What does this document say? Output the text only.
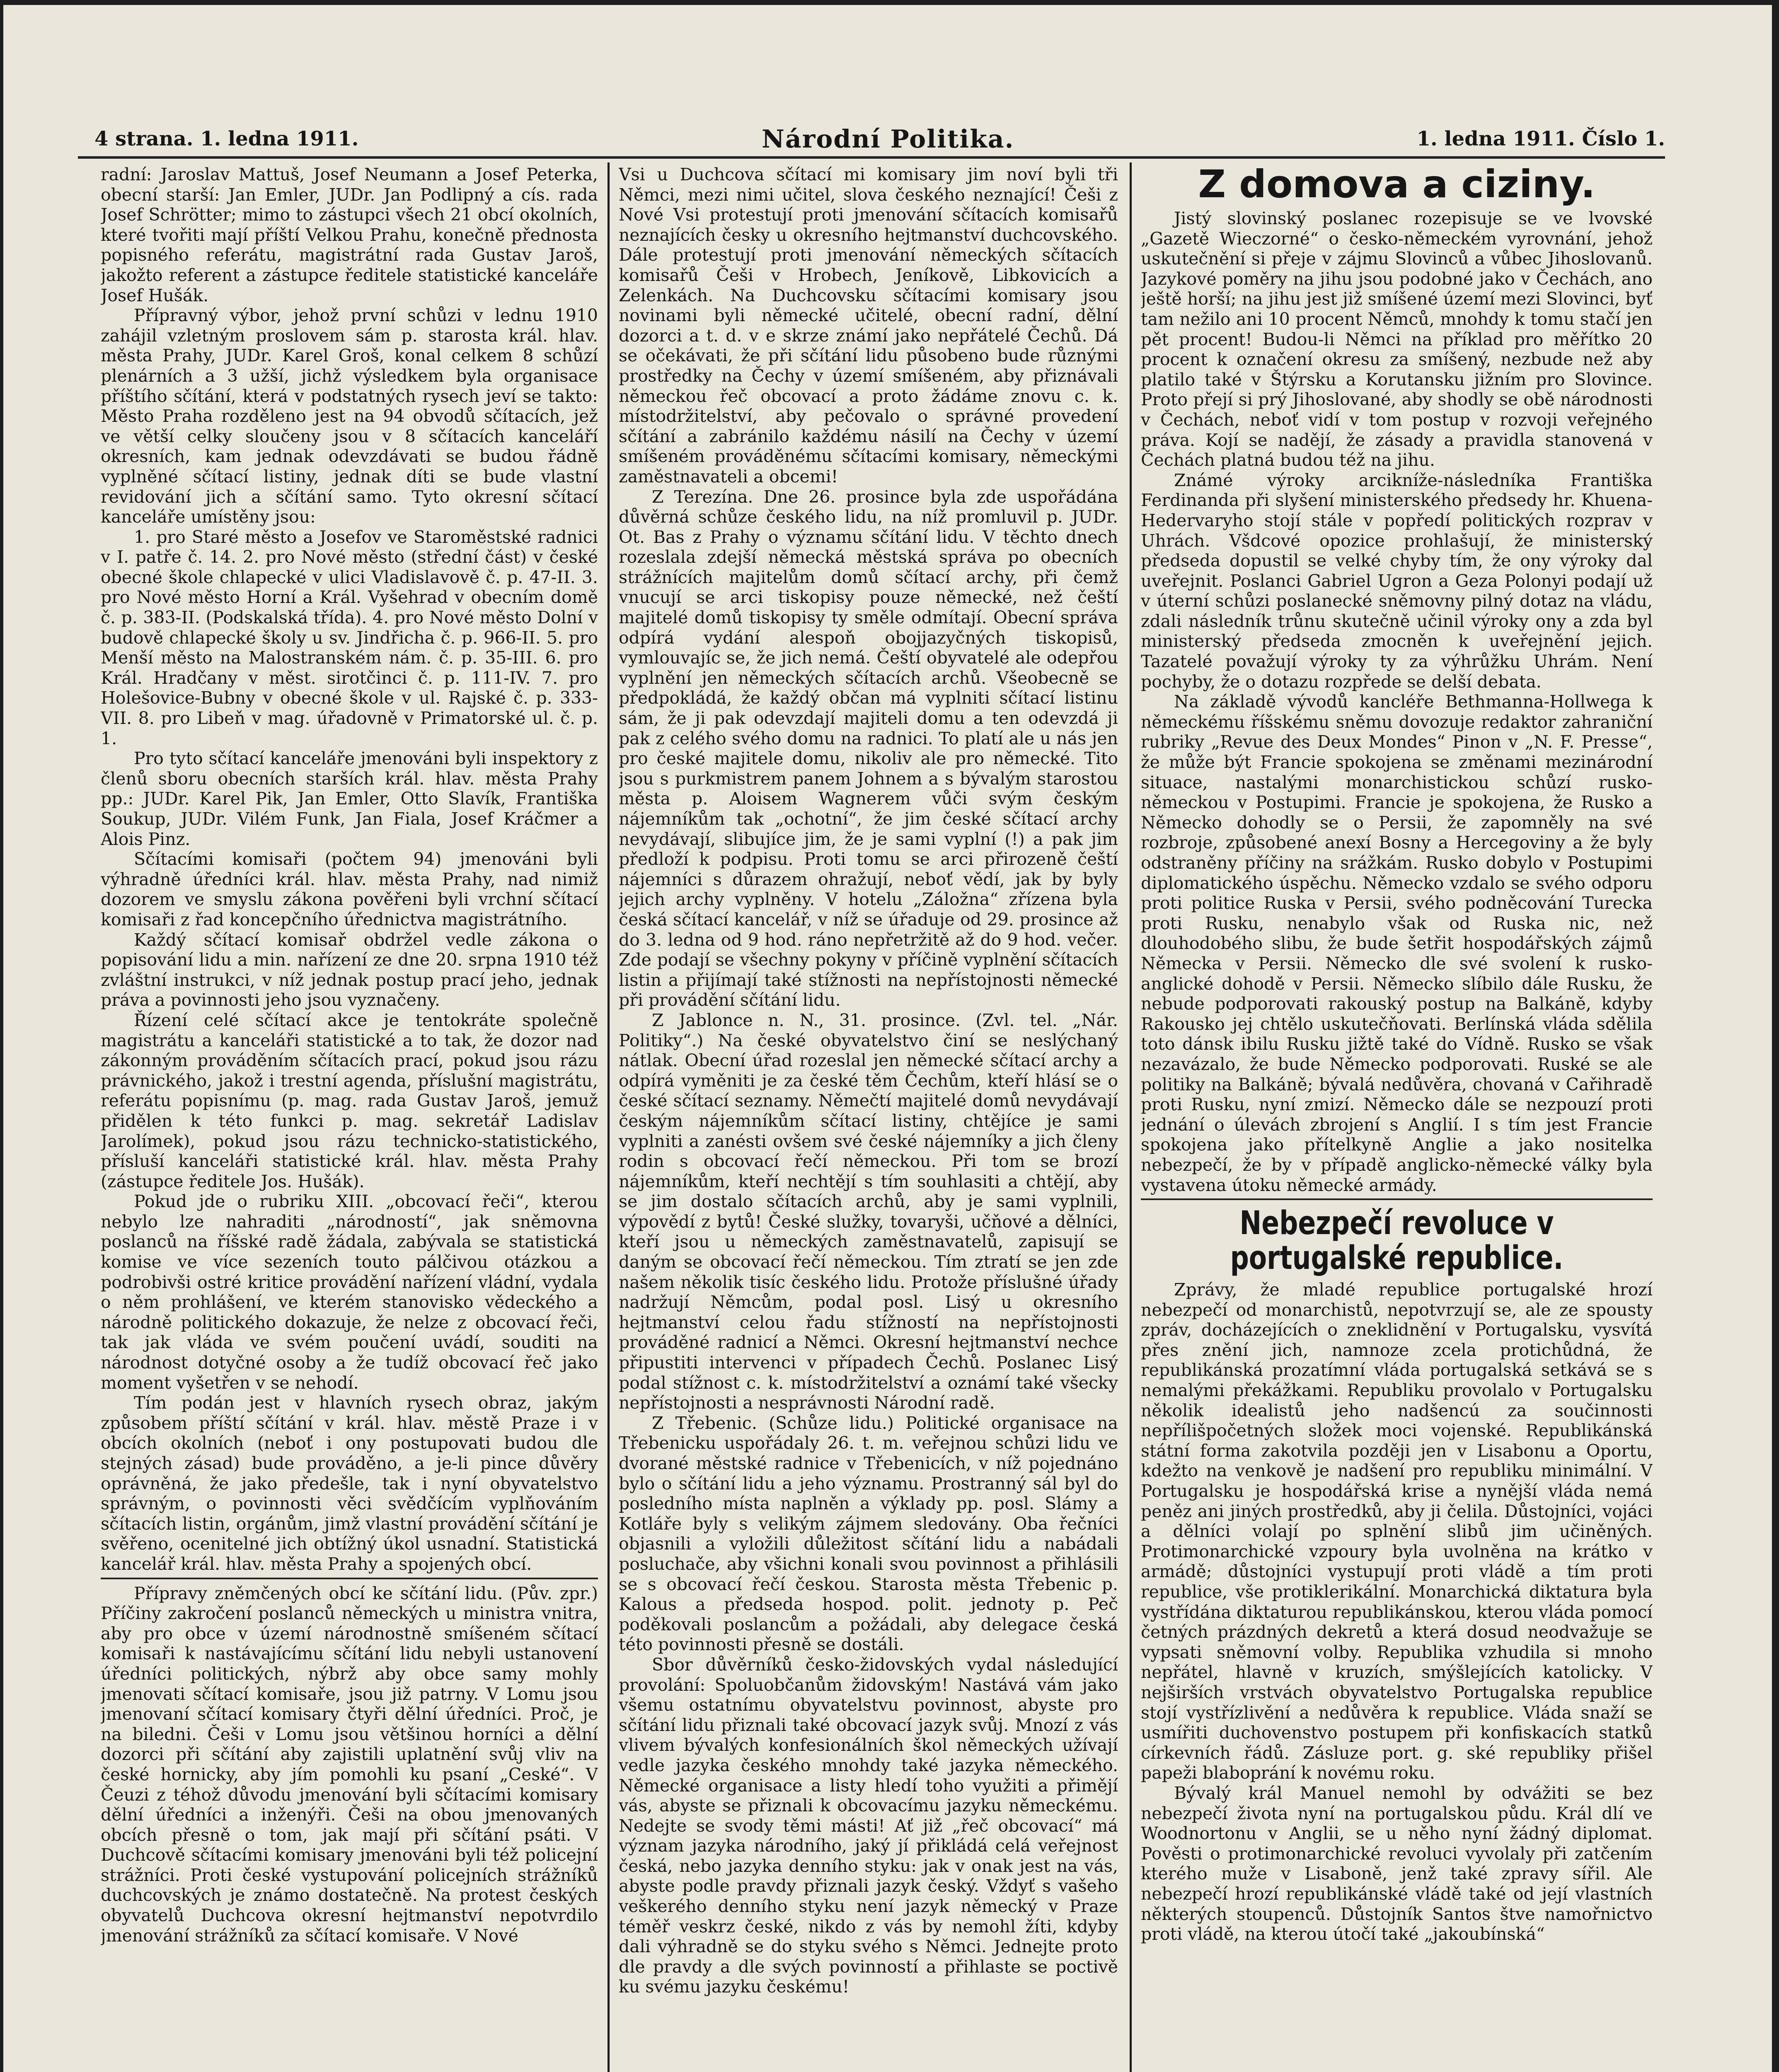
4 strana. 1. ledna 1911.	Národní Politika.	1. ledna 1911. Číslo 1.

radní: Jaroslav Mattuš, Josef Neumann a Josef Peterka, obecní starší: Jan Emler, JUDr. Jan Podlipný a cís. rada Josef Schrötter; mimo to zástupci všech 21 obcí okolních, které tvořiti mají příští Velkou Prahu, konečně přednosta popisného referátu, magistrátní rada Gustav Jaroš, jakožto referent a zástupce ředitele statistické kanceláře Josef Hušák.

Přípravný výbor, jehož první schůzi v lednu 1910 zahájil vzletným proslovem sám p. starosta král. hlav. města Prahy, JUDr. Karel Groš, konal celkem 8 schůzí plenárních a 3 užší, jichž výsledkem byla organisace příštího sčítání, která v podstatných rysech jeví se takto: Město Praha rozděleno jest na 94 obvodů sčítacích, jež ve větší celky sloučeny jsou v 8 sčítacích kanceláří okresních, kam jednak odevzdávati se budou řádně vyplněné sčítací listiny, jednak díti se bude vlastní revidování jich a sčítání samo. Tyto okresní sčítací kanceláře umístěny jsou:

1. pro Staré město a Josefov ve Staroměstské radnici v I. patře č. 14. 2. pro Nové město (střední část) v české obecné škole chlapecké v ulici Vladislavově č. p. 47-II. 3. pro Nové město Horní a Král. Vyšehrad v obecním domě č. p. 383-II. (Podskalská třída). 4. pro Nové město Dolní v budově chlapecké školy u sv. Jindřicha č. p. 966-II. 5. pro Menší město na Malostranském nám. č. p. 35-III. 6. pro Král. Hradčany v měst. sirotčinci č. p. 111-IV. 7. pro Holešovice-Bubny v obecné škole v ul. Rajské č. p. 333-VII. 8. pro Libeň v mag. úřadovně v Primatorské ul. č. p. 1.

Pro tyto sčítací kanceláře jmenováni byli inspektory z členů sboru obecních starších král. hlav. města Prahy pp.: JUDr. Karel Pik, Jan Emler, Otto Slavík, Františka Soukup, JUDr. Vilém Funk, Jan Fiala, Josef Kráčmer a Alois Pinz.

Sčítacími komisaři (počtem 94) jmenováni byli výhradně úředníci král. hlav. města Prahy, nad nimiž dozorem ve smyslu zákona pověřeni byli vrchní sčítací komisaři z řad koncepčního úřednictva magistrátního.

Každý sčítací komisař obdržel vedle zákona o popisování lidu a min. nařízení ze dne 20. srpna 1910 též zvláštní instrukci, v níž jednak postup prací jeho, jednak práva a povinnosti jeho jsou vyznačeny.

Řízení celé sčítací akce je tentokráte společně magistrátu a kanceláři statistické a to tak, že dozor nad zákonným prováděním sčítacích prací, pokud jsou rázu právnického, jakož i trestní agenda, příslušní magistrátu, referátu popisnímu (p. mag. rada Gustav Jaroš, jemuž přidělen k této funkci p. mag. sekretář Ladislav Jarolímek), pokud jsou rázu technicko-statistického, přísluší kanceláři statistické král. hlav. města Prahy (zástupce ředitele Jos. Hušák).

Pokud jde o rubriku XIII. „obcovací řeči“, kterou nebylo lze nahraditi „národností“, jak sněmovna poslanců na říšské radě žádala, zabývala se statistická komise ve více sezeních touto pálčivou otázkou a podrobivši ostré kritice provádění nařízení vládní, vydala o něm prohlášení, ve kterém stanovisko vědeckého a národně politického dokazuje, že nelze z obcovací řeči, tak jak vláda ve svém poučení uvádí, souditi na národnost dotyčné osoby a že tudíž obcovací řeč jako moment vyšetřen v se nehodí.

Tím podán jest v hlavních rysech obraz, jakým způsobem příští sčítání v král. hlav. městě Praze i v obcích okolních (neboť i ony postupovati budou dle stejných zásad) bude prováděno, a je-li pince důvěry oprávněná, že jako předešle, tak i nyní obyvatelstvo správným, o povinnosti věci svědčícím vyplňováním sčítacích listin, orgánům, jimž vlastní provádění sčítání je svěřeno, ocenitelné jich obtížný úkol usnadní. Statistická kancelář král. hlav. města Prahy a spojených obcí.

Přípravy zněmčených obcí ke sčítání lidu. (Pův. zpr.) Příčiny zakročení poslanců německých u ministra vnitra, aby pro obce v území národnostně smíšeném sčítací komisaři k nastávajícímu sčítání lidu nebyli ustanovení úředníci politických, nýbrž aby obce samy mohly jmenovati sčítací komisaře, jsou již patrny. V Lomu jsou jmenovaní sčítací komisary čtyři dělní úředníci. Proč, je na biledni. Češi v Lomu jsou většinou horníci a dělní dozorci při sčítání aby zajistili uplatnění svůj vliv na české hornicky, aby jím pomohli ku psaní „Ceské“. V Čeuzi z téhož důvodu jmenování byli sčítacími komisary dělní úředníci a inženýři. Češi na obou jmenovaných obcích přesně o tom, jak mají při sčítání psáti. V Duchcově sčítacími komisary jmenováni byli též policejní strážníci. Proti české vystupování policejních strážníků duchcovských je známo dostatečně. Na protest českých obyvatelů Duchcova okresní hejtmanství nepotvrdilo jmenování strážníků za sčítací komisaře. V Nové

Vsi u Duchcova sčítací mi komisary jim noví byli tři Němci, mezi nimi učitel, slova českého neznající! Češi z Nové Vsi protestují proti jmenování sčítacích komisařů neznajících česky u okresního hejtmanství duchcovského. Dále protestují proti jmenování německých sčítacích komisařů Češi v Hrobech, Jeníkově, Libkovicích a Zelenkách. Na Duchcovsku sčítacími komisary jsou novinami byli německé učitelé, obecní radní, dělní dozorci a t. d. v e skrze známí jako nepřátelé Čechů. Dá se očekávati, že při sčítání lidu působeno bude různými prostředky na Čechy v území smíšeném, aby přiznávali německou řeč obcovací a proto žádáme znovu c. k. místodržitelství, aby pečovalo o správné provedení sčítání a zabránilo každému násilí na Čechy v území smíšeném prováděnému sčítacími komisary, německými zaměstnavateli a obcemi!

Z Terezína. Dne 26. prosince byla zde uspořádána důvěrná schůze českého lidu, na níž promluvil p. JUDr. Ot. Bas z Prahy o významu sčítání lidu. V těchto dnech rozeslala zdejší německá městská správa po obecních strážnících majitelům domů sčítací archy, při čemž vnucují se arci tiskopisy pouze německé, než čeští majitelé domů tiskopisy ty směle odmítají. Obecní správa odpírá vydání alespoň obojjazyčných tiskopisů, vymlouvajíc se, že jich nemá. Čeští obyvatelé ale odepřou vyplnění jen německých sčítacích archů. Všeobecně se předpokládá, že každý občan má vyplniti sčítací listinu sám, že ji pak odevzdají majiteli domu a ten odevzdá ji pak z celého svého domu na radnici. To platí ale u nás jen pro české majitele domu, nikoliv ale pro německé. Tito jsou s purkmistrem panem Johnem a s bývalým starostou města p. Aloisem Wagnerem vůči svým českým nájemníkům tak „ochotní“, že jim české sčítací archy nevydávají, slibujíce jim, že je sami vyplní (!) a pak jim předloží k podpisu. Proti tomu se arci přirozeně čeští nájemníci s důrazem ohražují, neboť vědí, jak by byly jejich archy vyplněny. V hotelu „Záložna“ zřízena byla česká sčítací kancelář, v níž se úřaduje od 29. prosince až do 3. ledna od 9 hod. ráno nepřetržitě až do 9 hod. večer. Zde podají se všechny pokyny v příčině vyplnění sčítacích listin a přijímají také stížnosti na nepřístojnosti německé při provádění sčítání lidu.

Z Jablonce n. N., 31. prosince. (Zvl. tel. „Nár. Politiky“.) Na české obyvatelstvo činí se neslýchaný nátlak. Obecní úřad rozeslal jen německé sčítací archy a odpírá vyměniti je za české těm Čechům, kteří hlásí se o české sčítací seznamy. Němečtí majitelé domů nevydávají českým nájemníkům sčítací listiny, chtějíce je sami vyplniti a zanésti ovšem své české nájemníky a jich členy rodin s obcovací řečí německou. Při tom se brozí nájemníkům, kteří nechtějí s tím souhlasiti a chtějí, aby se jim dostalo sčítacích archů, aby je sami vyplnili, výpovědí z bytů! České služky, tovaryši, učňové a dělníci, kteří jsou u německých zaměstnavatelů, zapisují se daným se obcovací řečí německou. Tím ztratí se jen zde našem několik tisíc českého lidu. Protože příslušné úřady nadržují Němcům, podal posl. Lisý u okresního hejtmanství celou řadu stížností na nepřístojnosti prováděné radnicí a Němci. Okresní hejtmanství nechce připustiti intervenci v případech Čechů. Poslanec Lisý podal stížnost c. k. místodržitelství a oznámí také všecky nepřístojnosti a nesprávnosti Národní radě.

Z Třebenic. (Schůze lidu.) Politické organisace na Třebenicku uspořádaly 26. t. m. veřejnou schůzi lidu ve dvorané městské radnice v Třebenicích, v níž pojednáno bylo o sčítání lidu a jeho významu. Prostranný sál byl do posledního místa naplněn a výklady pp. posl. Slámy a Kotláře byly s velikým zájmem sledovány. Oba řečníci objasnili a vyložili důležitost sčítání lidu a nabádali posluchače, aby všichni konali svou povinnost a přihlásili se s obcovací řečí českou. Starosta města Třebenic p. Kalous a předseda hospod. polit. jednoty p. Peč poděkovali poslancům a požádali, aby delegace česká této povinnosti přesně se dostáli.

Sbor důvěrníků česko-židovských vydal následující provolání: Spoluobčanům židovským! Nastává vám jako všemu ostatnímu obyvatelstvu povinnost, abyste pro sčítání lidu přiznali také obcovací jazyk svůj. Mnozí z vás vlivem bývalých konfesionálních škol německých užívají vedle jazyka českého mnohdy také jazyka německého. Německé organisace a listy hledí toho využiti a přimějí vás, abyste se přiznali k obcovacímu jazyku německému. Nedejte se svody těmi másti! Ať již „řeč obcovací“ má význam jazyka národního, jaký jí přikládá celá veřejnost česká, nebo jazyka denního styku: jak v onak jest na vás, abyste podle pravdy přiznali jazyk český. Vždyť s vašeho veškerého denního styku není jazyk německý v Praze téměř veskrz české, nikdo z vás by nemohl žíti, kdyby dali výhradně se do styku svého s Němci. Jednejte proto dle pravdy a dle svých povinností a přihlaste se poctivě ku svému jazyku českému!

Z domova a ciziny.

Jistý slovinský poslanec rozepisuje se ve lvovské „Gazetě Wieczorné“ o česko-německém vyrovnání, jehož uskutečnění si přeje v zájmu Slovinců a vůbec Jihoslovanů. Jazykové poměry na jihu jsou podobné jako v Čechách, ano ještě horší; na jihu jest již smíšené území mezi Slovinci, byť tam nežilo ani 10 procent Němců, mnohdy k tomu stačí jen pět procent! Budou-li Němci na příklad pro měřítko 20 procent k označení okresu za smíšený, nezbude než aby platilo také v Štýrsku a Korutansku jižním pro Slovince. Proto přejí si prý Jihoslované, aby shodly se obě národnosti v Čechách, neboť vidí v tom postup v rozvoji veřejného práva. Kojí se nadějí, že zásady a pravidla stanovená v Čechách platná budou též na jihu.

Známé výroky arcikníže-následníka Františka Ferdinanda při slyšení ministerského předsedy hr. Khuena-Hedervaryho stojí stále v popředí politických rozprav v Uhrách. Všdcové opozice prohlašují, že ministerský předseda dopustil se velké chyby tím, že ony výroky dal uveřejnit. Poslanci Gabriel Ugron a Geza Polonyi podají už v úterní schůzi poslanecké sněmovny pilný dotaz na vládu, zdali následník trůnu skutečně učinil výroky ony a zda byl ministerský předseda zmocněn k uveřejnění jejich. Tazatelé považují výroky ty za výhrůžku Uhrám. Není pochyby, že o dotazu rozpřede se delší debata.

Na základě vývodů kancléře Bethmanna-Hollwega k německému říšskému sněmu dovozuje redaktor zahraniční rubriky „Revue des Deux Mondes“ Pinon v „N. F. Presse“, že může být Francie spokojena se změnami mezinárodní situace, nastalými monarchistickou schůzí rusko-německou v Postupimi. Francie je spokojena, že Rusko a Německo dohodly se o Persii, že zapomněly na své rozbroje, způsobené anexí Bosny a Hercegoviny a že byly odstraněny příčiny na srážkám. Rusko dobylo v Postupimi diplomatického úspěchu. Německo vzdalo se svého odporu proti politice Ruska v Persii, svého podněcování Turecka proti Rusku, nenabylo však od Ruska nic, než dlouhodobého slibu, že bude šetřit hospodářských zájmů Německa v Persii. Německo dle své svolení k rusko-anglické dohodě v Persii. Německo slíbilo dále Rusku, že nebude podporovati rakouský postup na Balkáně, kdyby Rakousko jej chtělo uskutečňovati. Berlínská vláda sdělila toto dánsk ibilu Rusku jižtě také do Vídně. Rusko se však nezavázalo, že bude Německo podporovati. Ruské se ale politiky na Balkáně; bývalá nedůvěra, chovaná v Cařihradě proti Rusku, nyní zmizí. Německo dále se nezpouzí proti jednání o úlevách zbrojení s Anglií. I s tím jest Francie spokojena jako přítelkyně Anglie a jako nositelka nebezpečí, že by v případě anglicko-německé války byla vystavena útoku německé armády.

Nebezpečí revoluce v portugalské republice.

Zprávy, že mladé republice portugalské hrozí nebezpečí od monarchistů, nepotvrzují se, ale ze spousty zpráv, docházejících o zneklidnění v Portugalsku, vysvítá přes znění jich, namnoze zcela protichůdná, že republikánská prozatímní vláda portugalská setkává se s nemalými překážkami. Republiku provolalo v Portugalsku několik idealistů jeho nadšencú za součinnosti nepřílišpočetných složek moci vojenské. Republikánská státní forma zakotvila později jen v Lisabonu a Oportu, kdežto na venkově je nadšení pro republiku minimální. V Portugalsku je hospodářská krise a nynější vláda nemá peněz ani jiných prostředků, aby ji čelila. Důstojníci, vojáci a dělníci volají po splnění slibů jim učiněných. Protimonarchické vzpoury byla uvolněna na krátko v armádě; důstojníci vystupují proti vládě a tím proti republice, vše protiklerikální. Monarchická diktatura byla vystřídána diktaturou republikánskou, kterou vláda pomocí četných prázdných dekretů a která dosud neodvažuje se vypsati sněmovní volby. Republika vzhudila si mnoho nepřátel, hlavně v kruzích, smýšlejících katolicky. V nejširších vrstvách obyvatelstvo Portugalska republice stojí vystřízlivění a nedůvěra k republice. Vláda snaží se usmířiti duchovenstvo postupem při konfiskacích statků církevních řádů. Zásluze port. g. ské republiky přišel papeži blaboprání k novému roku.

Bývalý král Manuel nemohl by odvážiti se bez nebezpečí života nyní na portugalskou půdu. Král dlí ve Woodnortonu v Anglii, se u něho nyní žádný diplomat. Pověsti o protimonarchické revoluci vyvolaly při zatčením kterého muže v Lisaboně, jenž také zpravy sířil. Ale nebezpečí hrozí republikánské vládě také od její vlastních některých stoupenců. Důstojník Santos štve namořnictvo proti vládě, na kterou útočí také „jakoubínská“
